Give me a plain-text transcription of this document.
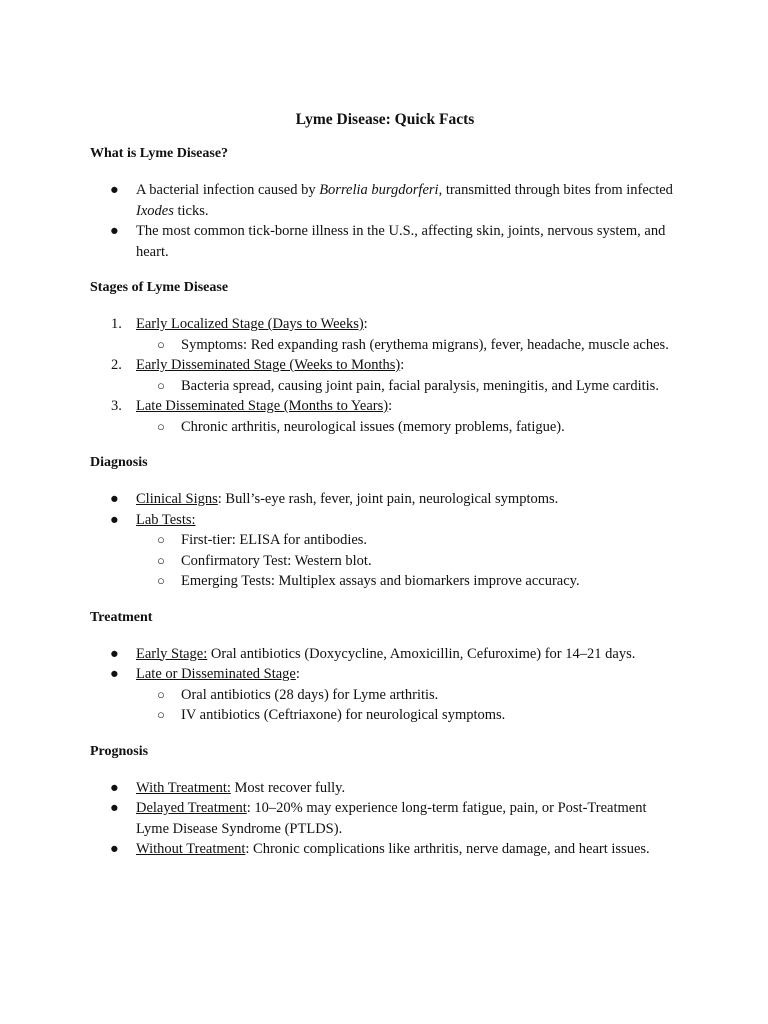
Lyme Disease: Quick Facts
What is Lyme Disease?
● A bacterial infection caused by Borrelia burgdorferi, transmitted through bites from infected Ixodes ticks.
● The most common tick-borne illness in the U.S., affecting skin, joints, nervous system, and heart.
Stages of Lyme Disease
1. Early Localized Stage (Days to Weeks):
○ Symptoms: Red expanding rash (erythema migrans), fever, headache, muscle aches.
2. Early Disseminated Stage (Weeks to Months):
○ Bacteria spread, causing joint pain, facial paralysis, meningitis, and Lyme carditis.
3. Late Disseminated Stage (Months to Years):
○ Chronic arthritis, neurological issues (memory problems, fatigue).
Diagnosis
● Clinical Signs: Bull’s-eye rash, fever, joint pain, neurological symptoms.
● Lab Tests:
○ First-tier: ELISA for antibodies.
○ Confirmatory Test: Western blot.
○ Emerging Tests: Multiplex assays and biomarkers improve accuracy.
Treatment
● Early Stage: Oral antibiotics (Doxycycline, Amoxicillin, Cefuroxime) for 14–21 days.
● Late or Disseminated Stage:
○ Oral antibiotics (28 days) for Lyme arthritis.
○ IV antibiotics (Ceftriaxone) for neurological symptoms.
Prognosis
● With Treatment: Most recover fully.
● Delayed Treatment: 10–20% may experience long-term fatigue, pain, or Post-Treatment Lyme Disease Syndrome (PTLDS).
● Without Treatment: Chronic complications like arthritis, nerve damage, and heart issues.
